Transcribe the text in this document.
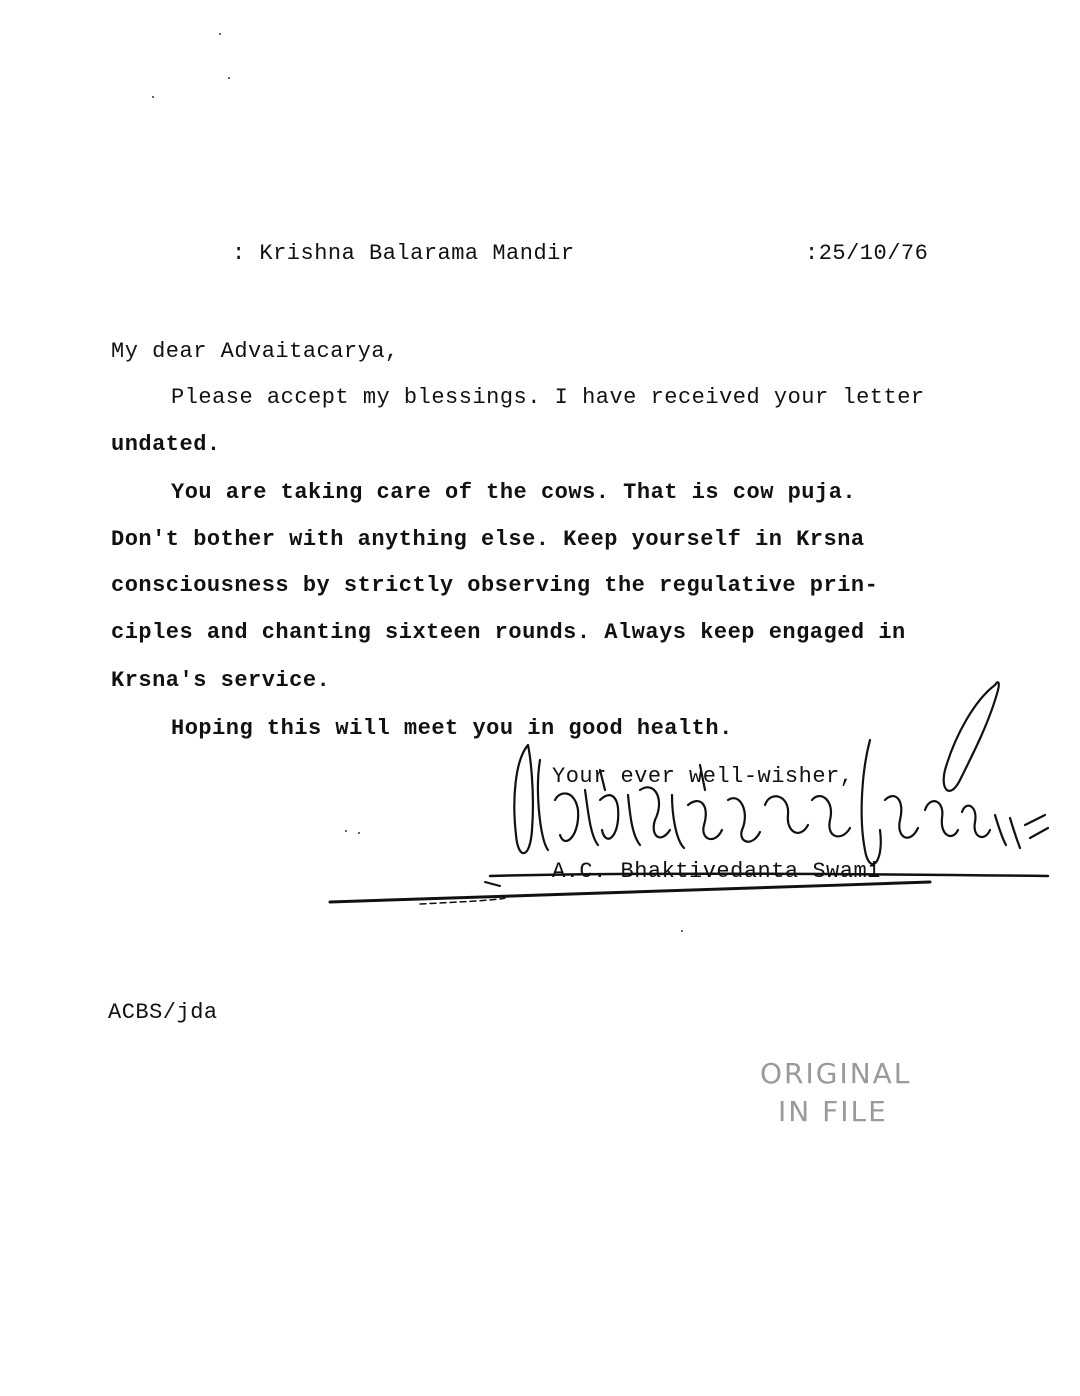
: Krishna Balarama Mandir	:25/10/76
My dear Advaitacarya,
Please accept my blessings. I have received your letter
undated.
You are taking care of the cows. That is cow puja.
Don't bother with anything else. Keep yourself in Krsna
consciousness by strictly observing the regulative prin-
ciples and chanting sixteen rounds. Always keep engaged in
Krsna's service.
Hoping this will meet you in good health.
Your ever well-wisher,
A.C. Bhaktivedanta Swami
ACBS/jda
ORIGINAL
IN FILE
